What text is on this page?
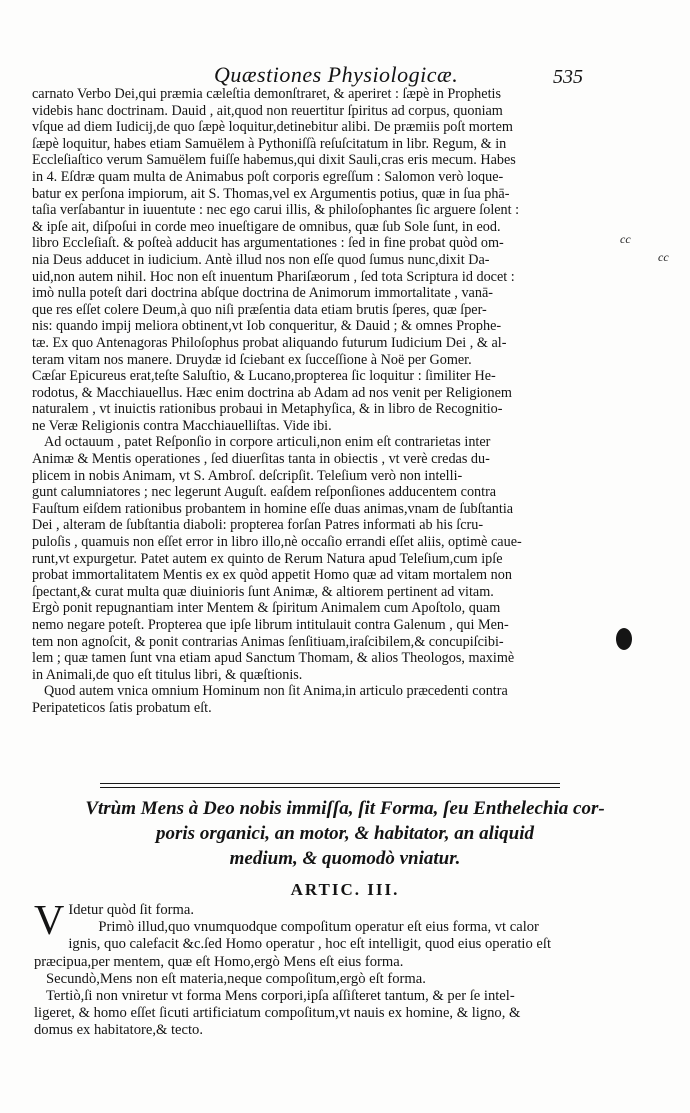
Quæstiones Physiologicæ.	535
cc
cc
carnato Verbo Dei,qui præmia cæleſtia demonſtraret, & aperiret : ſæpè in Prophetis
videbis hanc doctrinam. Dauid , ait,quod non reuertitur ſpiritus ad corpus, quoniam
vſque ad diem Iudicij,de quo ſæpè loquitur,detinebitur alibi. De præmiis poſt mortem
ſæpè loquitur, habes etiam Samuëlem à Pythoniſſà reſuſcitatum in libr. Regum, & in
Eccleſiaſtico verum Samuëlem fuiſſe habemus,qui dixit Sauli,cras eris mecum. Habes
in 4. Eſdræ quam multa de Animabus poſt corporis egreſſum : Salomon verò loque-
batur ex perſona impiorum, ait S. Thomas,vel ex Argumentis potius, quæ in ſua phā-
taſia verſabantur in iuuentute : nec ego carui illis, & philoſophantes ſic arguere ſolent :
& ipſe ait, diſpoſui in corde meo inueſtigare de omnibus, quæ ſub Sole ſunt, in eod.
libro Eccleſiaſt. & poſteà adducit has argumentationes : ſed in fine probat quòd om-
nia Deus adducet in iudicium. Antè illud nos non eſſe quod ſumus nunc,dixit Da-
uid,non autem nihil. Hoc non eſt inuentum Phariſæorum , ſed tota Scriptura id docet :
imò nulla poteſt dari doctrina abſque doctrina de Animorum immortalitate , vanā-
que res eſſet colere Deum,à quo niſi præſentia data etiam brutis ſperes, quæ ſper-
nis: quando impij meliora obtinent,vt Iob conqueritur, & Dauid ; & omnes Prophe-
tæ. Ex quo Antenagoras Philoſophus probat aliquando futurum Iudicium Dei , & al-
teram vitam nos manere. Druydæ id ſciebant ex ſucceſſione à Noë per Gomer.
Cæſar Epicureus erat,teſte Saluſtio, & Lucano,propterea ſic loquitur : ſimiliter He-
rodotus, & Macchiauellus. Hæc enim doctrina ab Adam ad nos venit per Religionem
naturalem , vt inuictis rationibus probaui in Metaphyſica, & in libro de Recognitio-
ne Veræ Religionis contra Macchiauelliſtas. Vide ibi.
Ad octauum , patet Reſponſio in corpore articuli,non enim eſt contrarietas inter
Animæ & Mentis operationes , ſed diuerſitas tanta in obiectis , vt verè credas du-
plicem in nobis Animam, vt S. Ambroſ. deſcripſit. Teleſium verò non intelli-
gunt calumniatores ; nec legerunt Auguſt. eaſdem reſponſiones adducentem contra
Fauſtum eiſdem rationibus probantem in homine eſſe duas animas,vnam de ſubſtantia
Dei , alteram de ſubſtantia diaboli: propterea forſan Patres informati ab his ſcru-
puloſis , quamuis non eſſet error in libro illo,nè occaſio errandi eſſet aliis, optimè caue-
runt,vt expurgetur. Patet autem ex quinto de Rerum Natura apud Teleſium,cum ipſe
probat immortalitatem Mentis ex ex quòd appetit Homo quæ ad vitam mortalem non
ſpectant,& curat multa quæ diuinioris ſunt Animæ, & altiorem pertinent ad vitam.
Ergò ponit repugnantiam inter Mentem & ſpiritum Animalem cum Apoſtolo, quam
nemo negare poteſt. Propterea que ipſe librum intitulauit contra Galenum , qui Men-
tem non agnoſcit, & ponit contrarias Animas ſenſitiuam,iraſcibilem,& concupiſcibi-
lem ; quæ tamen ſunt vna etiam apud Sanctum Thomam, & alios Theologos, maximè
in Animali,de quo eſt titulus libri, & quæſtionis.
Quod autem vnica omnium Hominum non ſit Anima,in articulo præcedenti contra
Peripateticos ſatis probatum eſt.
Vtrùm Mens à Deo nobis immiſſa, ſit Forma, ſeu Enthelechia cor-
poris organici, an motor, & habitator, an aliquid
medium, & quomodò vniatur.
ARTIC. III.
V Idetur quòd ſit forma.
Primò illud,quo vnumquodque compoſitum operatur eſt eius forma, vt calor
ignis, quo calefacit &c.ſed Homo operatur , hoc eſt intelligit, quod eius operatio eſt
præcipua,per mentem, quæ eſt Homo,ergò Mens eſt eius forma.
Secundò,Mens non eſt materia,neque compoſitum,ergò eſt forma.
Tertiò,ſi non vniretur vt forma Mens corpori,ipſa aſſiſteret tantum, & per ſe intel-
ligeret, & homo eſſet ſicuti artificiatum compoſitum,vt nauis ex homine, & ligno, &
domus ex habitatore,& tecto.
